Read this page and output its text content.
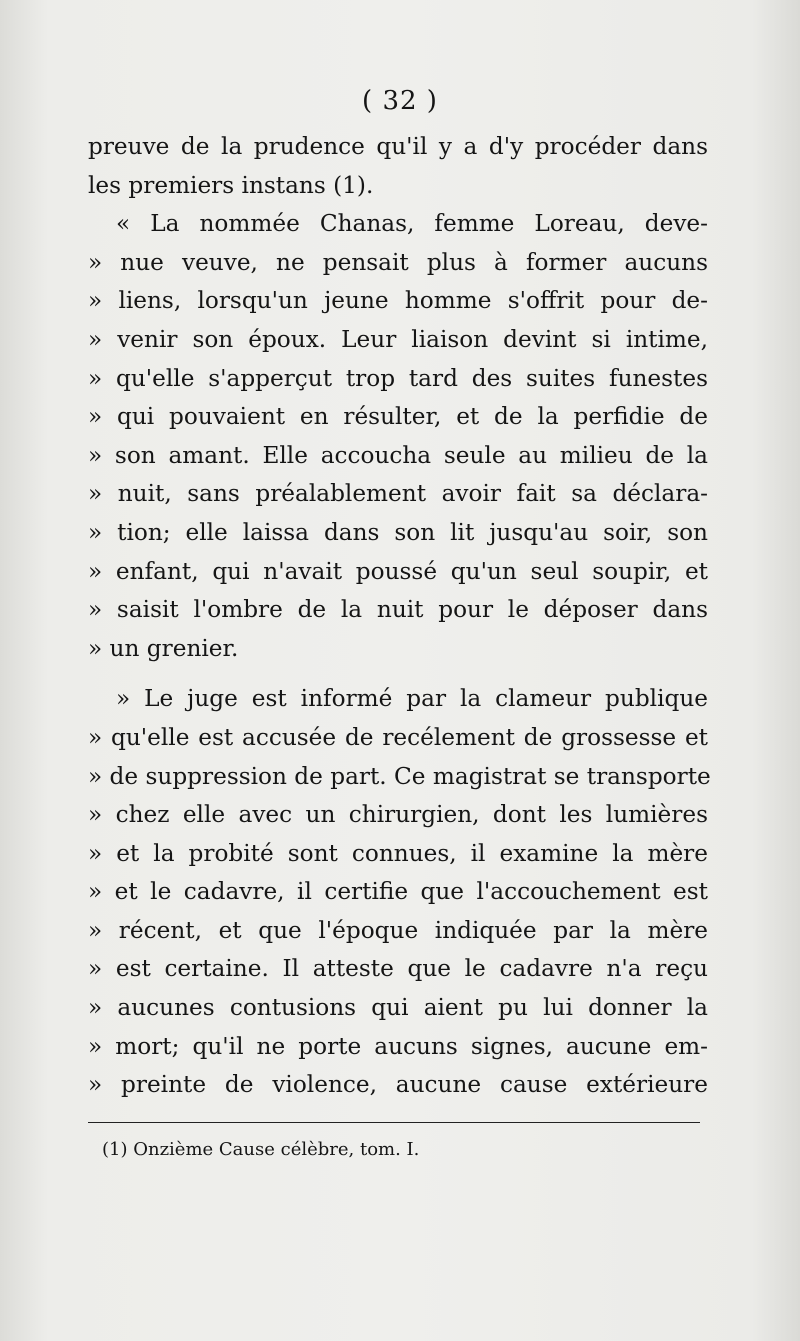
( 32 )
preuve de la prudence qu'il y a d'y procéder dans
les premiers instans (1).
« La nommée Chanas, femme Loreau, deve-
» nue veuve, ne pensait plus à former aucuns
» liens, lorsqu'un jeune homme s'offrit pour de-
» venir son époux. Leur liaison devint si intime,
» qu'elle s'apperçut trop tard des suites funestes
» qui pouvaient en résulter, et de la perfidie de
» son amant. Elle accoucha seule au milieu de la
» nuit, sans préalablement avoir fait sa déclara-
» tion; elle laissa dans son lit jusqu'au soir, son
» enfant, qui n'avait poussé qu'un seul soupir, et
» saisit l'ombre de la nuit pour le déposer dans
» un grenier.
» Le juge est informé par la clameur publique
» qu'elle est accusée de recélement de grossesse et
» de suppression de part. Ce magistrat se transporte
» chez elle avec un chirurgien, dont les lumières
» et la probité sont connues, il examine la mère
» et le cadavre, il certifie que l'accouchement est
» récent, et que l'époque indiquée par la mère
» est certaine. Il atteste que le cadavre n'a reçu
» aucunes contusions qui aient pu lui donner la
» mort; qu'il ne porte aucuns signes, aucune em-
» preinte de violence, aucune cause extérieure
(1) Onzième Cause célèbre, tom. I.
